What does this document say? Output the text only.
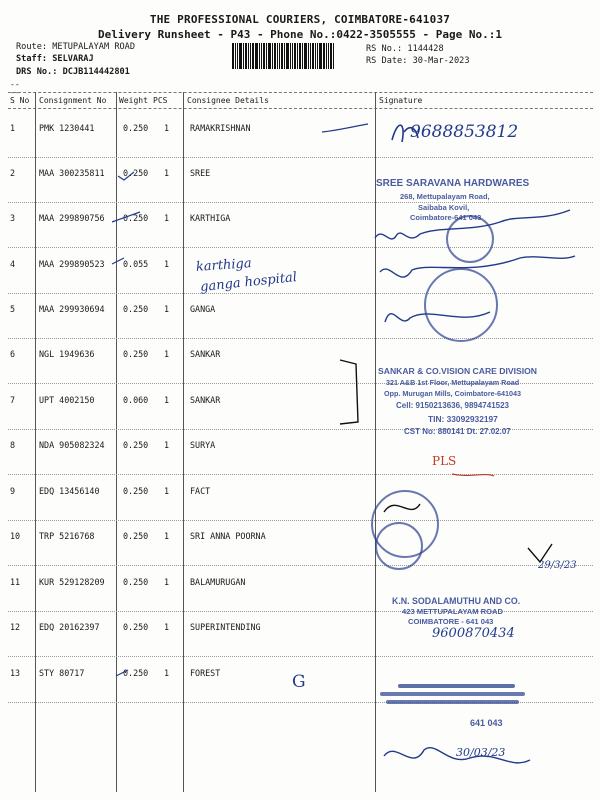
THE PROFESSIONAL COURIERS, COIMBATORE-641037
Delivery Runsheet - P43 - Phone No.:0422-3505555 - Page No.:1
Route: METUPALAYAM ROAD
Staff: SELVARAJ
DRS No.: DCJB114442801
RS No.: 1144428
RS Date: 30-Mar-2023
--
--
S No Consignment No Weight PCS Consignee Details	Signature
1	PMK 1230441	0.250 1 RAMAKRISHNAN
2	MAA 300235811 0.250 1 SREE
3	MAA 299890756 0.250 1 KARTHIGA
4	MAA 299890523 0.055 1
5	MAA 299930694 0.250 1 GANGA
6	NGL 1949636	0.250 1 SANKAR
7	UPT 4002150	0.060 1 SANKAR
8	NDA 905082324 0.250 1 SURYA
9	EDQ 13456140	0.250 1 FACT
10 TRP 5216768	0.250 1 SRI ANNA POORNA
11 KUR 529128209 0.250 1 BALAMURUGAN
12 EDQ 20162397	0.250 1 SUPERINTENDING
13 STY 80717	0.250 1 FOREST
9688853812
karthiga
ganga hospital
SREE SARAVANA HARDWARES
268, Mettupalayam Road,
Saibaba Kovil,
Coimbatore-641 043
SANKAR & CO.VISION CARE DIVISION
321 A&B 1st Floor, Mettupalayam Road
Opp. Murugan Mills, Coimbatore-641043
Cell: 9150213636, 9894741523
TIN: 33092932197
CST No: 880141 Dt. 27.02.07
PLS
29/3/23
K.N. SODALAMUTHU AND CO.
423 METTUPALAYAM ROAD
COIMBATORE - 641 043
9600870434
G
641 043
30/03/23
